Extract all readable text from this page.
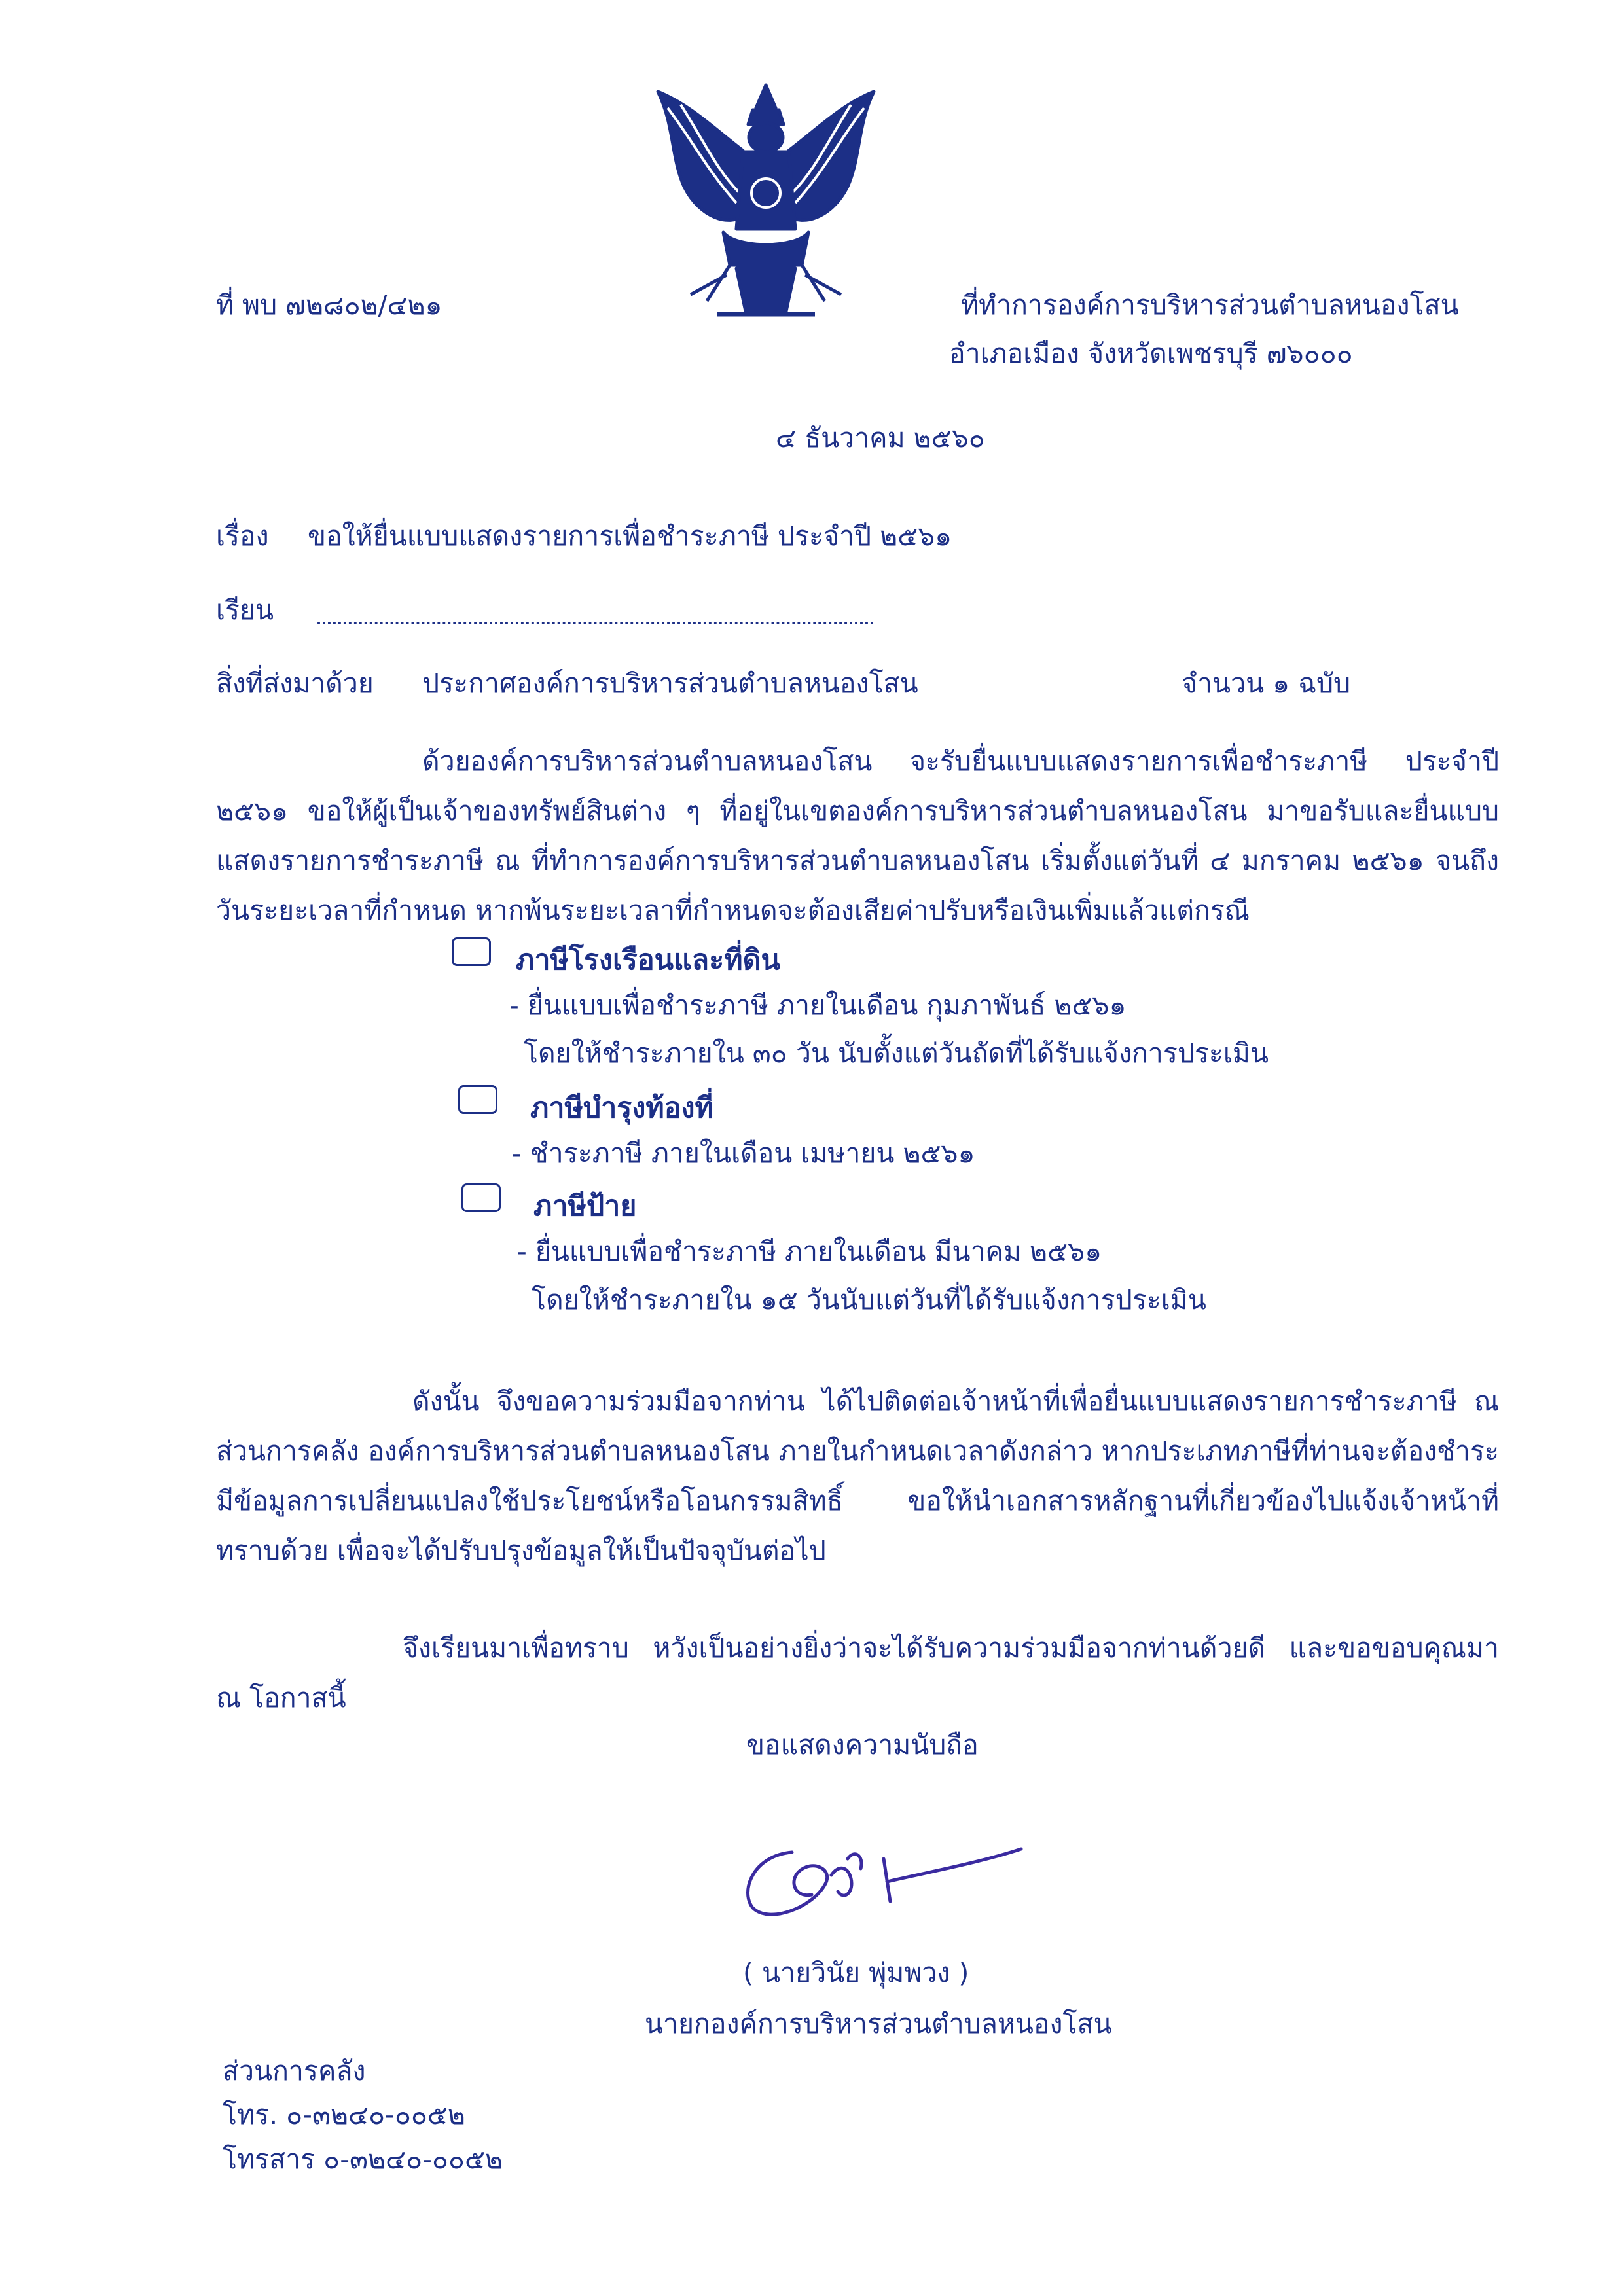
ที่ พบ ๗๒๘๐๒/๔๒๑	ที่ทำการองค์การบริหารส่วนตำบลหนองโสน
อำเภอเมือง จังหวัดเพชรบุรี ๗๖๐๐๐
๔ ธันวาคม ๒๕๖๐
เรื่อง ขอให้ยื่นแบบแสดงรายการเพื่อชำระภาษี ประจำปี ๒๕๖๑
เรียน
สิ่งที่ส่งมาด้วย ประกาศองค์การบริหารส่วนตำบลหนองโสน	จำนวน ๑ ฉบับ
ด้วยองค์การบริหารส่วนตำบลหนองโสน จะรับยื่นแบบแสดงรายการเพื่อชำระภาษี ประจำปี ๒๕๖๑ ขอให้ผู้เป็นเจ้าของทรัพย์สินต่าง ๆ ที่อยู่ในเขตองค์การบริหารส่วนตำบลหนองโสน มาขอรับและยื่นแบบแสดงรายการชำระภาษี ณ ที่ทำการองค์การบริหารส่วนตำบลหนองโสน เริ่มตั้งแต่วันที่ ๔ มกราคม ๒๕๖๑ จนถึงวันระยะเวลาที่กำหนด หากพ้นระยะเวลาที่กำหนดจะต้องเสียค่าปรับหรือเงินเพิ่มแล้วแต่กรณี
ภาษีโรงเรือนและที่ดิน
- ยื่นแบบเพื่อชำระภาษี ภายในเดือน กุมภาพันธ์ ๒๕๖๑
โดยให้ชำระภายใน ๓๐ วัน นับตั้งแต่วันถัดที่ได้รับแจ้งการประเมิน
ภาษีบำรุงท้องที่
- ชำระภาษี ภายในเดือน เมษายน ๒๕๖๑
ภาษีป้าย
- ยื่นแบบเพื่อชำระภาษี ภายในเดือน มีนาคม ๒๕๖๑
โดยให้ชำระภายใน ๑๕ วันนับแต่วันที่ได้รับแจ้งการประเมิน
ดังนั้น จึงขอความร่วมมือจากท่าน ได้ไปติดต่อเจ้าหน้าที่เพื่อยื่นแบบแสดงรายการชำระภาษี ณ ส่วนการคลัง องค์การบริหารส่วนตำบลหนองโสน ภายในกำหนดเวลาดังกล่าว หากประเภทภาษีที่ท่านจะต้องชำระมีข้อมูลการเปลี่ยนแปลงใช้ประโยชน์หรือโอนกรรมสิทธิ์ ขอให้นำเอกสารหลักฐานที่เกี่ยวข้องไปแจ้งเจ้าหน้าที่ทราบด้วย เพื่อจะได้ปรับปรุงข้อมูลให้เป็นปัจจุบันต่อไป
จึงเรียนมาเพื่อทราบ หวังเป็นอย่างยิ่งว่าจะได้รับความร่วมมือจากท่านด้วยดี และขอขอบคุณมา ณ โอกาสนี้
ขอแสดงความนับถือ
( นายวินัย พุ่มพวง )
นายกองค์การบริหารส่วนตำบลหนองโสน
ส่วนการคลัง
โทร. ๐-๓๒๔๐-๐๐๕๒
โทรสาร ๐-๓๒๔๐-๐๐๕๒
